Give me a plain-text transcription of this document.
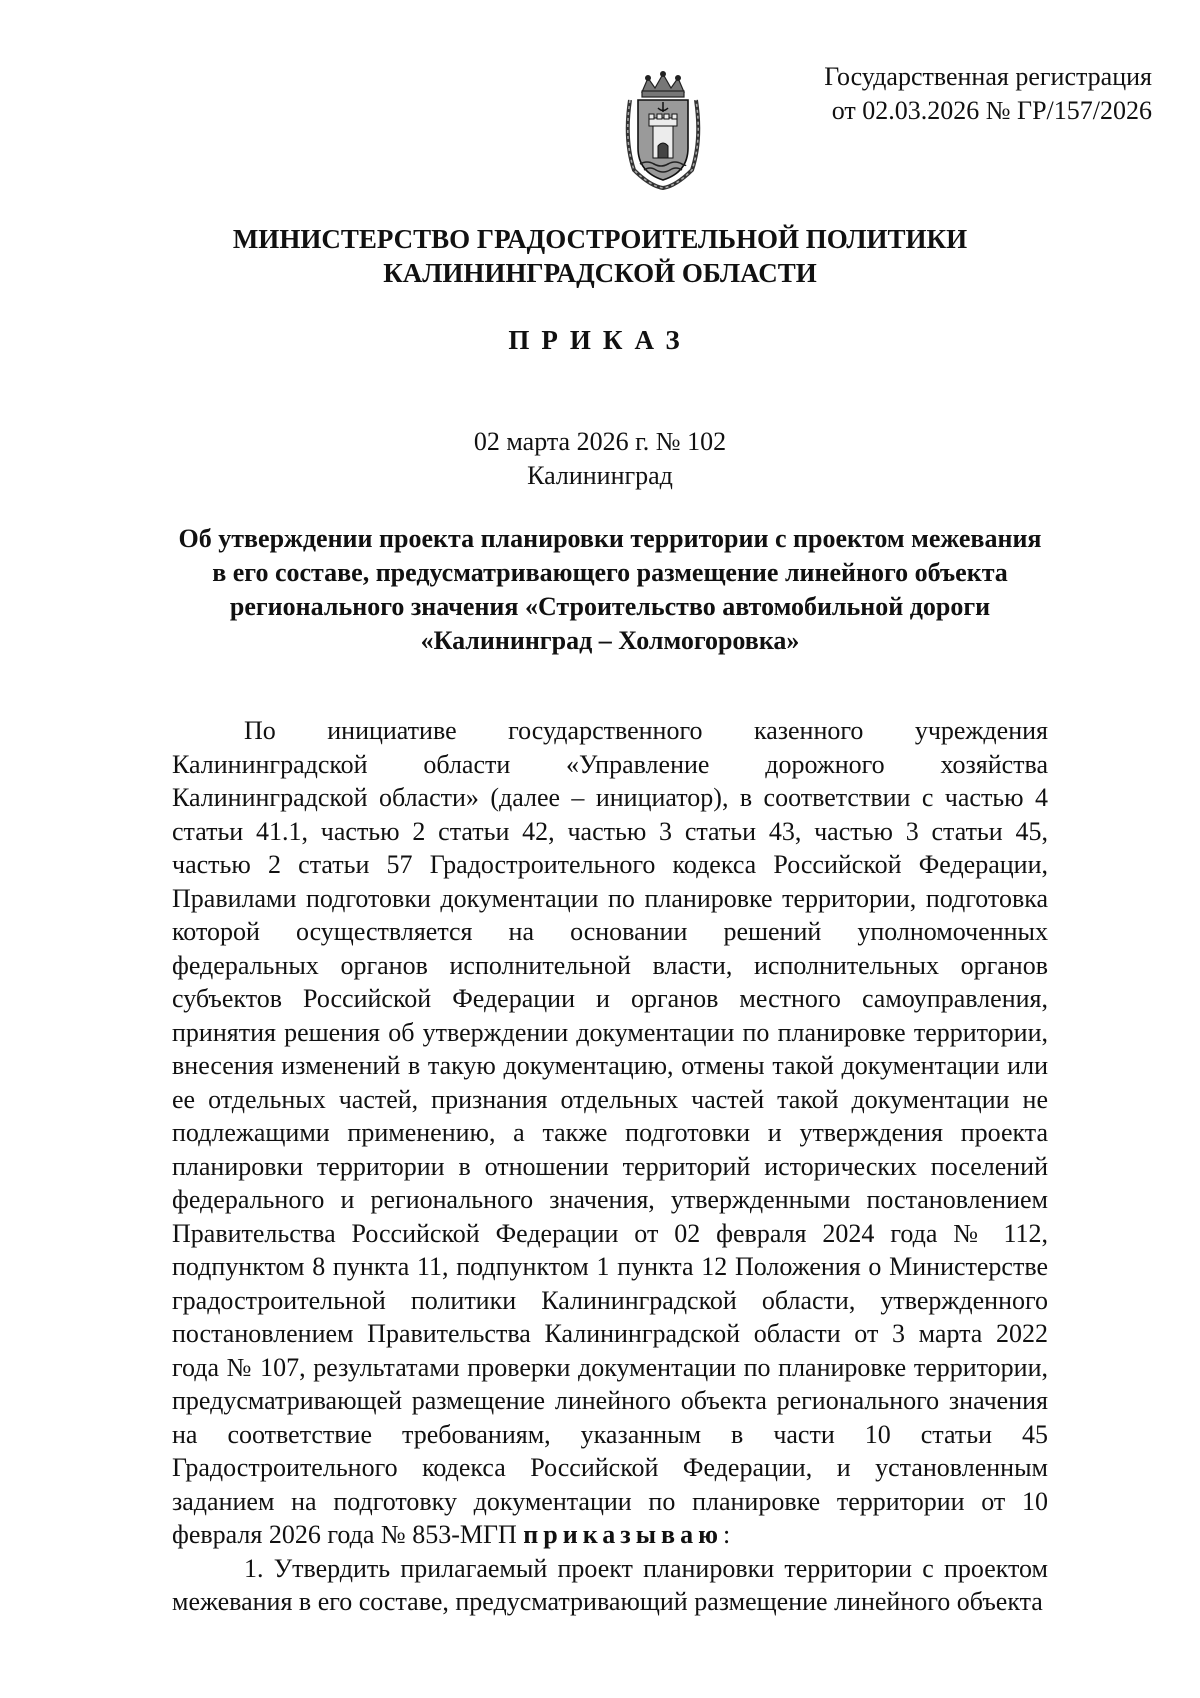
Государственная регистрация
от 02.03.2026 № ГР/157/2026
МИНИСТЕРСТВО ГРАДОСТРОИТЕЛЬНОЙ ПОЛИТИКИ
КАЛИНИНГРАДСКОЙ ОБЛАСТИ
ПРИКАЗ
02 марта 2026 г. № 102
Калининград
Об утверждении проекта планировки территории с проектом межевания
в его составе, предусматривающего размещение линейного объекта
регионального значения «Строительство автомобильной дороги
«Калининград – Холмогоровка»

По инициативе государственного казенного учреждения Калининградской области «Управление дорожного хозяйства Калининградской области» (далее – инициатор), в соответствии с частью 4 статьи 41.1, частью 2 статьи 42, частью 3 статьи 43, частью 3 статьи 45, частью 2 статьи 57 Градостроительного кодекса Российской Федерации, Правилами подготовки документации по планировке территории, подготовка которой осуществляется на основании решений уполномоченных федеральных органов исполнительной власти, исполнительных органов субъектов Российской Федерации и органов местного самоуправления, принятия решения об утверждении документации по планировке территории, внесения изменений в такую документацию, отмены такой документации или ее отдельных частей, признания отдельных частей такой документации не подлежащими применению, а также подготовки и утверждения проекта планировки территории в отношении территорий исторических поселений федерального и регионального значения, утвержденными постановлением Правительства Российской Федерации от 02 февраля 2024 года № 112, подпунктом 8 пункта 11, подпунктом 1 пункта 12 Положения о Министерстве градостроительной политики Калининградской области, утвержденного постановлением Правительства Калининградской области от 3 марта 2022 года № 107, результатами проверки документации по планировке территории, предусматривающей размещение линейного объекта регионального значения на соответствие требованиям, указанным в части 10 статьи 45 Градостроительного кодекса Российской Федерации, и установленным заданием на подготовку документации по планировке территории от 10 февраля 2026 года № 853-МГП приказываю:

1. Утвердить прилагаемый проект планировки территории с проектом межевания в его составе, предусматривающий размещение линейного объекта
